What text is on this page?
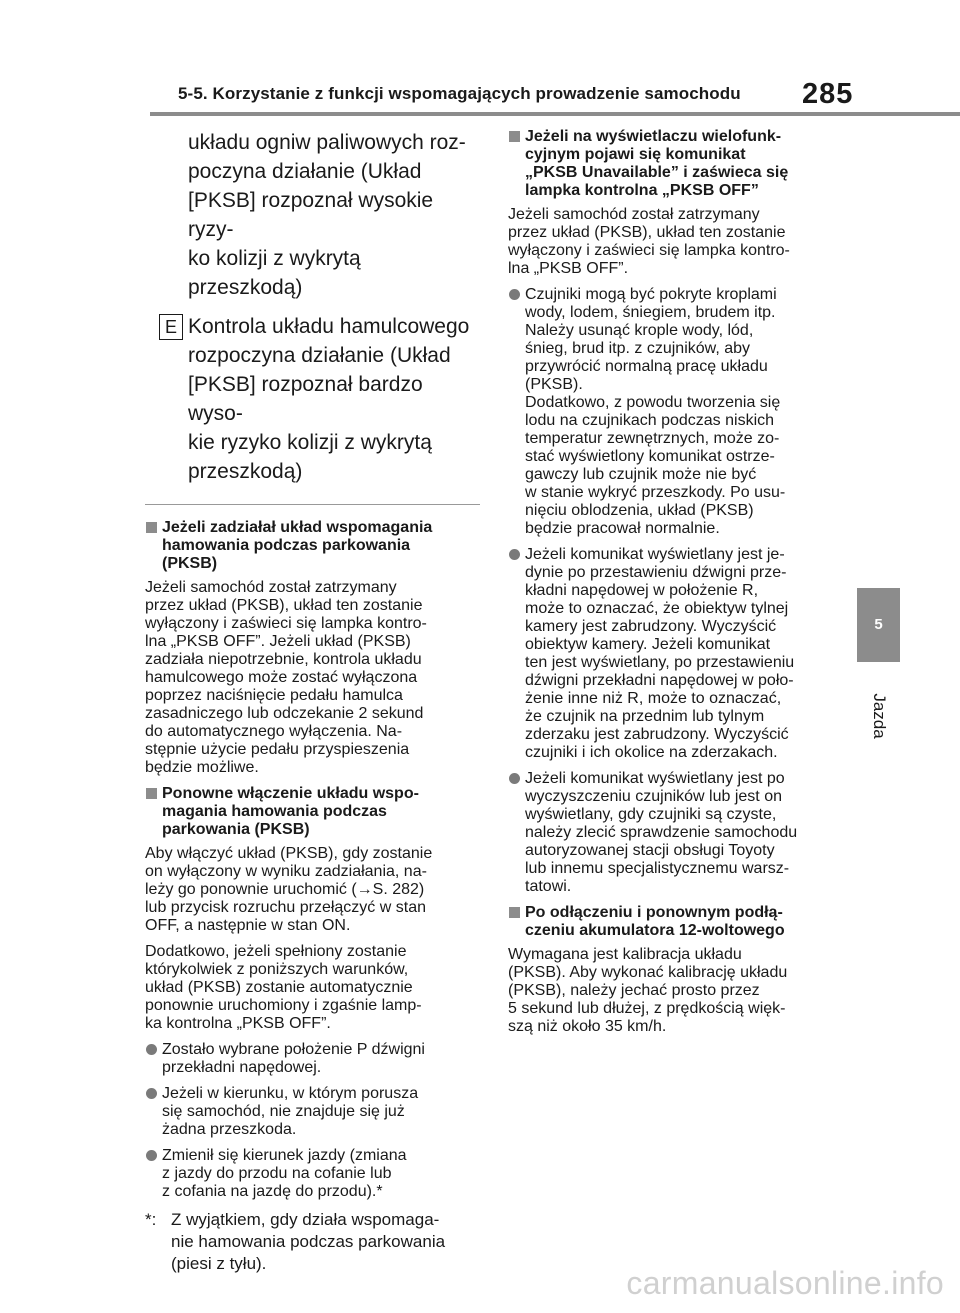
5-5. Korzystanie z funkcji wspomagających prowadzenie samochodu 285
5
Jazda
układu ogniw paliwowych roz-
poczyna działanie (Układ
[PKSB] rozpoznał wysokie ryzy-
ko kolizji z wykrytą przeszkodą)
E Kontrola układu hamulcowego
rozpoczyna działanie (Układ
[PKSB] rozpoznał bardzo wyso-
kie ryzyko kolizji z wykrytą
przeszkodą)
Jeżeli zadziałał układ wspomagania
hamowania podczas parkowania
(PKSB)
Jeżeli samochód został zatrzymany
przez układ (PKSB), układ ten zostanie
wyłączony i zaświeci się lampka kontro-
lna „PKSB OFF”. Jeżeli układ (PKSB)
zadziała niepotrzebnie, kontrola układu
hamulcowego może zostać wyłączona
poprzez naciśnięcie pedału hamulca
zasadniczego lub odczekanie 2 sekund
do automatycznego wyłączenia. Na-
stępnie użycie pedału przyspieszenia
będzie możliwe.
Ponowne włączenie układu wspo-
magania hamowania podczas
parkowania (PKSB)
Aby włączyć układ (PKSB), gdy zostanie
on wyłączony w wyniku zadziałania, na-
leży go ponownie uruchomić (→S. 282)
lub przycisk rozruchu przełączyć w stan
OFF, a następnie w stan ON.
Dodatkowo, jeżeli spełniony zostanie
którykolwiek z poniższych warunków,
układ (PKSB) zostanie automatycznie
ponownie uruchomiony i zgaśnie lamp-
ka kontrolna „PKSB OFF”.
Zostało wybrane położenie P dźwigni
przekładni napędowej.
Jeżeli w kierunku, w którym porusza
się samochód, nie znajduje się już
żadna przeszkoda.
Zmienił się kierunek jazdy (zmiana
z jazdy do przodu na cofanie lub
z cofania na jazdę do przodu).*
*: Z wyjątkiem, gdy działa wspomaga-
nie hamowania podczas parkowania
(piesi z tyłu).
Jeżeli na wyświetlaczu wielofunk-
cyjnym pojawi się komunikat
„PKSB Unavailable” i zaświeca się
lampka kontrolna „PKSB OFF”
Jeżeli samochód został zatrzymany
przez układ (PKSB), układ ten zostanie
wyłączony i zaświeci się lampka kontro-
lna „PKSB OFF”.
Czujniki mogą być pokryte kroplami
wody, lodem, śniegiem, brudem itp.
Należy usunąć krople wody, lód,
śnieg, brud itp. z czujników, aby
przywrócić normalną pracę układu
(PKSB).
Dodatkowo, z powodu tworzenia się
lodu na czujnikach podczas niskich
temperatur zewnętrznych, może zo-
stać wyświetlony komunikat ostrze-
gawczy lub czujnik może nie być
w stanie wykryć przeszkody. Po usu-
nięciu oblodzenia, układ (PKSB)
będzie pracował normalnie.
Jeżeli komunikat wyświetlany jest je-
dynie po przestawieniu dźwigni prze-
kładni napędowej w położenie R,
może to oznaczać, że obiektyw tylnej
kamery jest zabrudzony. Wyczyścić
obiektyw kamery. Jeżeli komunikat
ten jest wyświetlany, po przestawieniu
dźwigni przekładni napędowej w poło-
żenie inne niż R, może to oznaczać,
że czujnik na przednim lub tylnym
zderzaku jest zabrudzony. Wyczyścić
czujniki i ich okolice na zderzakach.
Jeżeli komunikat wyświetlany jest po
wyczyszczeniu czujników lub jest on
wyświetlany, gdy czujniki są czyste,
należy zlecić sprawdzenie samochodu
autoryzowanej stacji obsługi Toyoty
lub innemu specjalistycznemu warsz-
tatowi.
Po odłączeniu i ponownym podłą-
czeniu akumulatora 12-woltowego
Wymagana jest kalibracja układu
(PKSB). Aby wykonać kalibrację układu
(PKSB), należy jechać prosto przez
5 sekund lub dłużej, z prędkością więk-
szą niż około 35 km/h.
carmanualsonline.info
